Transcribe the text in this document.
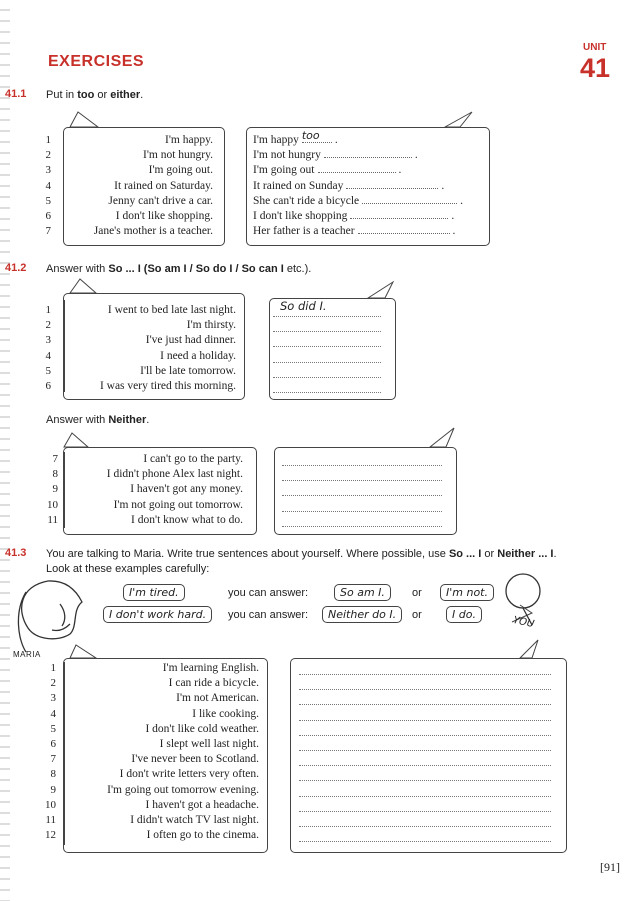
EXERCISES
UNIT
41
41.1 Put in too or either.
1	I'm happy.	I'm happy too .
2	I'm not hungry.	I'm not hungry	.
3	I'm going out.	I'm going out	.
4	It rained on Saturday.	It rained on Sunday	.
5	Jenny can't drive a car.	She can't ride a bicycle	.
6	I don't like shopping.	I don't like shopping	.
7	Jane's mother is a teacher.	Her father is a teacher	.
41.2 Answer with So ... I (So am I / So do I / So can I etc.).
So did I.
1	I went to bed late last night.
2	I'm thirsty.
3	I've just had dinner.
4	I need a holiday.
5	I'll be late tomorrow.
6	I was very tired this morning.
Answer with Neither.
7	I can't go to the party.
8	I didn't phone Alex last night.
9	I haven't got any money.
10	I'm not going out tomorrow.
11	I don't know what to do.
41.3 You are talking to Maria. Write true sentences about yourself. Where possible, use So ... I or Neither ... I.
Look at these examples carefully:
I'm tired.	you can answer:	So am I.	or	I'm not.
I don't work hard.	you can answer:	Neither do I.	or	I do.
MARIA
YOU
1	I'm learning English.
2	I can ride a bicycle.
3	I'm not American.
4	I like cooking.
5	I don't like cold weather.
6	I slept well last night.
7	I've never been to Scotland.
8	I don't write letters very often.
9	I'm going out tomorrow evening.
10	I haven't got a headache.
11	I didn't watch TV last night.
12	I often go to the cinema.
[91]
